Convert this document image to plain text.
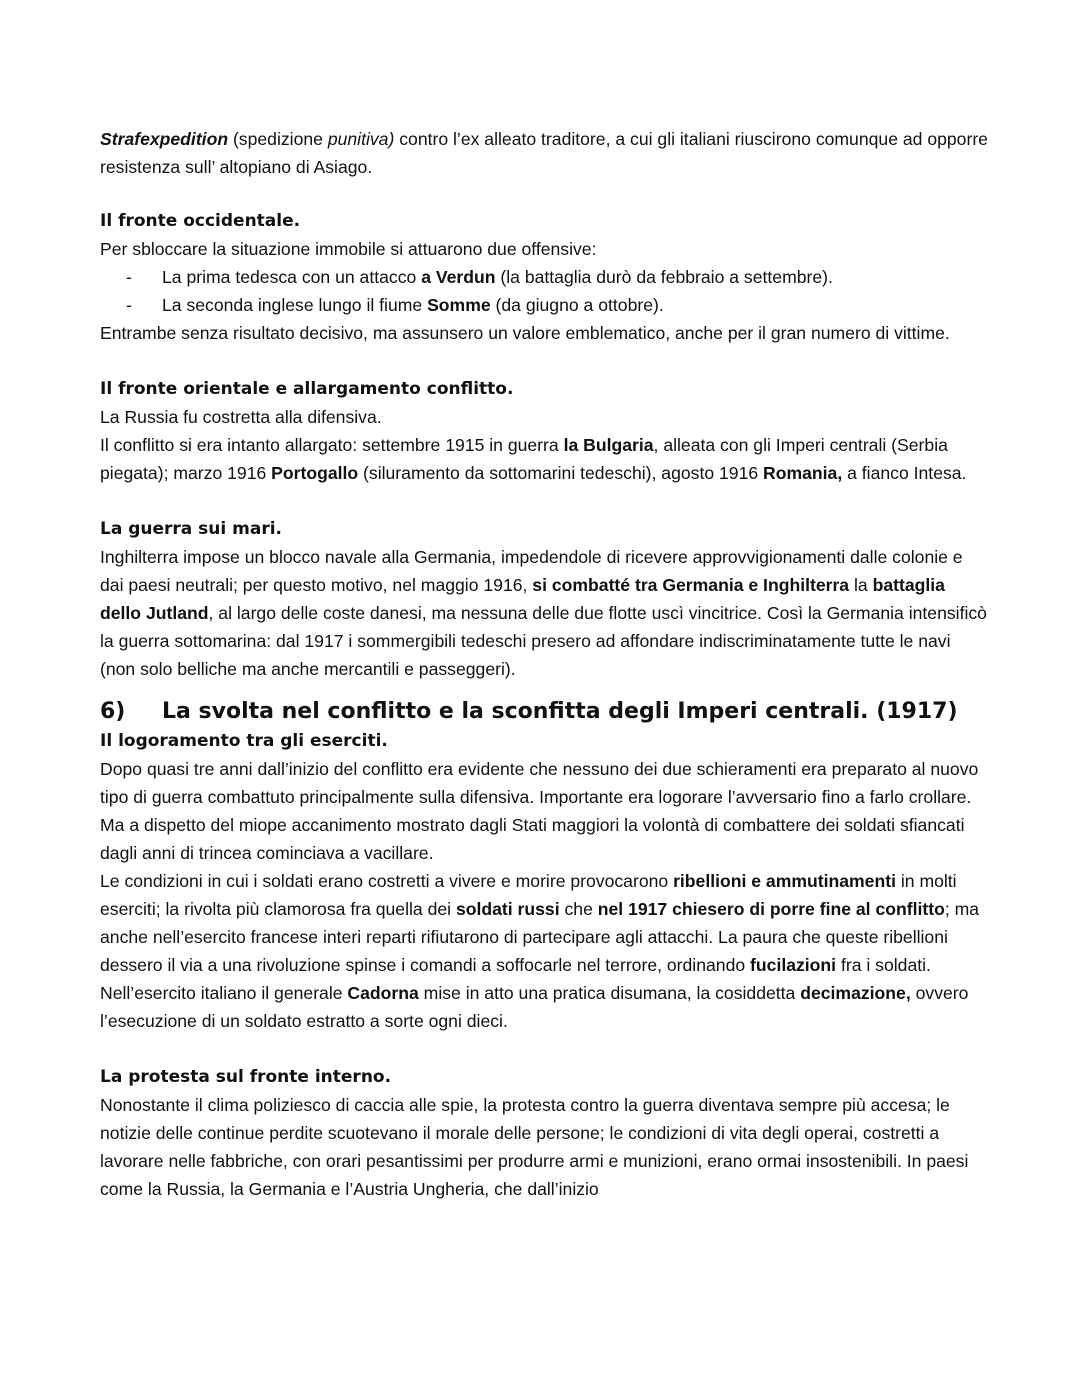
Strafexpedition (spedizione punitiva) contro l’ex alleato traditore, a cui gli italiani riuscirono comunque ad opporre resistenza sull’ altopiano di Asiago.

Il fronte occidentale.

Per sbloccare la situazione immobile si attuarono due offensive:

- La prima tedesca con un attacco a Verdun (la battaglia durò da febbraio a settembre).
- La seconda inglese lungo il fiume Somme (da giugno a ottobre).

Entrambe senza risultato decisivo, ma assunsero un valore emblematico, anche per il gran numero di vittime.

Il fronte orientale e allargamento conflitto.

La Russia fu costretta alla difensiva.

Il conflitto si era intanto allargato: settembre 1915 in guerra la Bulgaria, alleata con gli Imperi centrali (Serbia piegata); marzo 1916 Portogallo (siluramento da sottomarini tedeschi), agosto 1916 Romania, a fianco Intesa.

La guerra sui mari.

Inghilterra impose un blocco navale alla Germania, impedendole di ricevere approvvigionamenti dalle colonie e dai paesi neutrali; per questo motivo, nel maggio 1916, si combatté tra Germania e Inghilterra la battaglia dello Jutland, al largo delle coste danesi, ma nessuna delle due flotte uscì vincitrice. Così la Germania intensificò la guerra sottomarina: dal 1917 i sommergibili tedeschi presero ad affondare indiscriminatamente tutte le navi (non solo belliche ma anche mercantili e passeggeri).

6) La svolta nel conflitto e la sconfitta degli Imperi centrali. (1917)
Il logoramento tra gli eserciti.

Dopo quasi tre anni dall’inizio del conflitto era evidente che nessuno dei due schieramenti era preparato al nuovo tipo di guerra combattuto principalmente sulla difensiva. Importante era logorare l’avversario fino a farlo crollare. Ma a dispetto del miope accanimento mostrato dagli Stati maggiori la volontà di combattere dei soldati sfiancati dagli anni di trincea cominciava a vacillare.

Le condizioni in cui i soldati erano costretti a vivere e morire provocarono ribellioni e ammutinamenti in molti eserciti; la rivolta più clamorosa fra quella dei soldati russi che nel 1917 chiesero di porre fine al conflitto; ma anche nell’esercito francese interi reparti rifiutarono di partecipare agli attacchi. La paura che queste ribellioni dessero il via a una rivoluzione spinse i comandi a soffocarle nel terrore, ordinando fucilazioni fra i soldati. Nell’esercito italiano il generale Cadorna mise in atto una pratica disumana, la cosiddetta decimazione, ovvero l’esecuzione di un soldato estratto a sorte ogni dieci.

La protesta sul fronte interno.

Nonostante il clima poliziesco di caccia alle spie, la protesta contro la guerra diventava sempre più accesa; le notizie delle continue perdite scuotevano il morale delle persone; le condizioni di vita degli operai, costretti a lavorare nelle fabbriche, con orari pesantissimi per produrre armi e munizioni, erano ormai insostenibili. In paesi come la Russia, la Germania e l’Austria Ungheria, che dall’inizio
